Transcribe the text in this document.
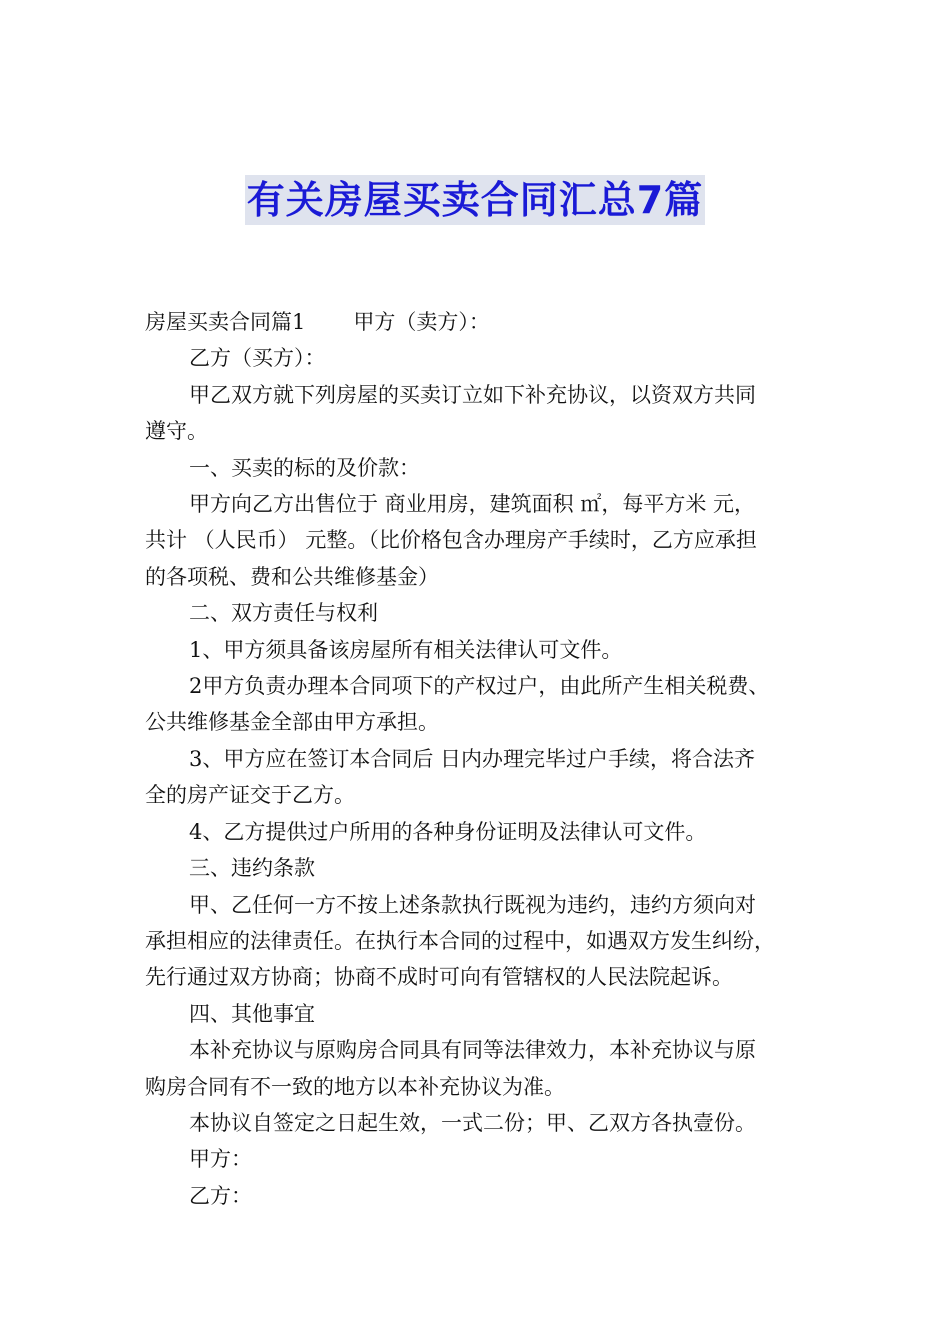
有关房屋买卖合同汇总7篇

房屋买卖合同篇1 甲方（卖方）：

乙方（买方）：

甲乙双方就下列房屋的买卖订立如下补充协议，以资双方共同

遵守。

一、买卖的标的及价款：

甲方向乙方出售位于 商业用房，建筑面积 ㎡，每平方米 元，

共计 （人民币） 元整。（比价格包含办理房产手续时，乙方应承担

的各项税、费和公共维修基金）

二、双方责任与权利

1、甲方须具备该房屋所有相关法律认可文件。

2甲方负责办理本合同项下的产权过户，由此所产生相关税费、

公共维修基金全部由甲方承担。

3、甲方应在签订本合同后 日内办理完毕过户手续，将合法齐

全的房产证交于乙方。

4、乙方提供过户所用的各种身份证明及法律认可文件。

三、违约条款

甲、乙任何一方不按上述条款执行既视为违约，违约方须向对

承担相应的法律责任。在执行本合同的过程中，如遇双方发生纠纷，

先行通过双方协商；协商不成时可向有管辖权的人民法院起诉。

四、其他事宜

本补充协议与原购房合同具有同等法律效力，本补充协议与原

购房合同有不一致的地方以本补充协议为准。

本协议自签定之日起生效，一式二份；甲、乙双方各执壹份。

甲方：

乙方：
